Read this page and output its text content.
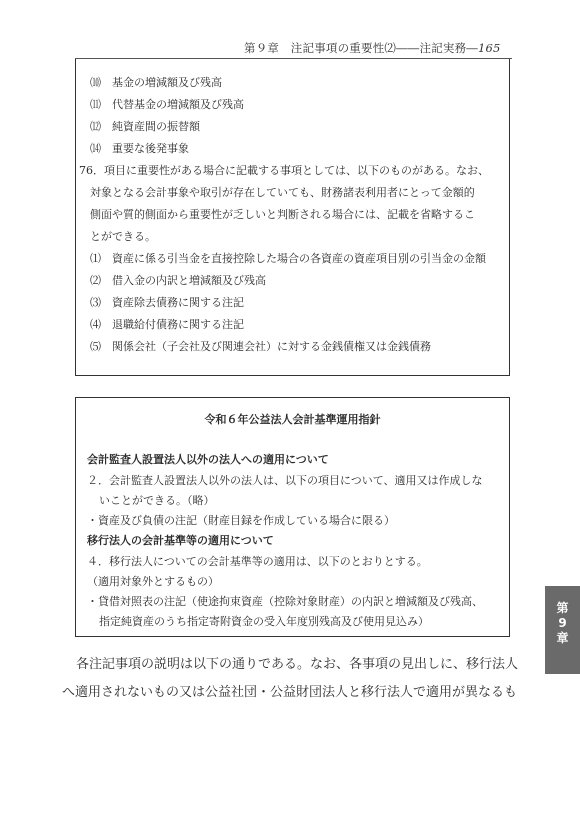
第９章　注記事項の重要性⑵――注記実務―165
⑽　基金の増減額及び残高
⑾　代替基金の増減額及び残高
⑿　純資産間の振替額
⒁　重要な後発事象
76．項目に重要性がある場合に記載する事項としては、以下のものがある。なお、
対象となる会計事象や取引が存在していても、財務諸表利用者にとって金額的
側面や質的側面から重要性が乏しいと判断される場合には、記載を省略するこ
とができる。
⑴　資産に係る引当金を直接控除した場合の各資産の資産項目別の引当金の金額
⑵　借入金の内訳と増減額及び残高
⑶　資産除去債務に関する注記
⑷　退職給付債務に関する注記
⑸　関係会社（子会社及び関連会社）に対する金銭債権又は金銭債務
令和６年公益法人会計基準運用指針
会計監査人設置法人以外の法人への適用について
２．会計監査人設置法人以外の法人は、以下の項目について、適用又は作成しな
いことができる。（略）
・資産及び負債の注記（財産目録を作成している場合に限る）
移行法人の会計基準等の適用について
４．移行法人についての会計基準等の適用は、以下のとおりとする。
（適用対象外とするもの）
・貸借対照表の注記（使途拘束資産（控除対象財産）の内訳と増減額及び残高、
指定純資産のうち指定寄附資金の受入年度別残高及び使用見込み）
各注記事項の説明は以下の通りである。なお、各事項の見出しに、移行法人
へ適用されないもの又は公益社団・公益財団法人と移行法人で適用が異なるも
第
9
章
